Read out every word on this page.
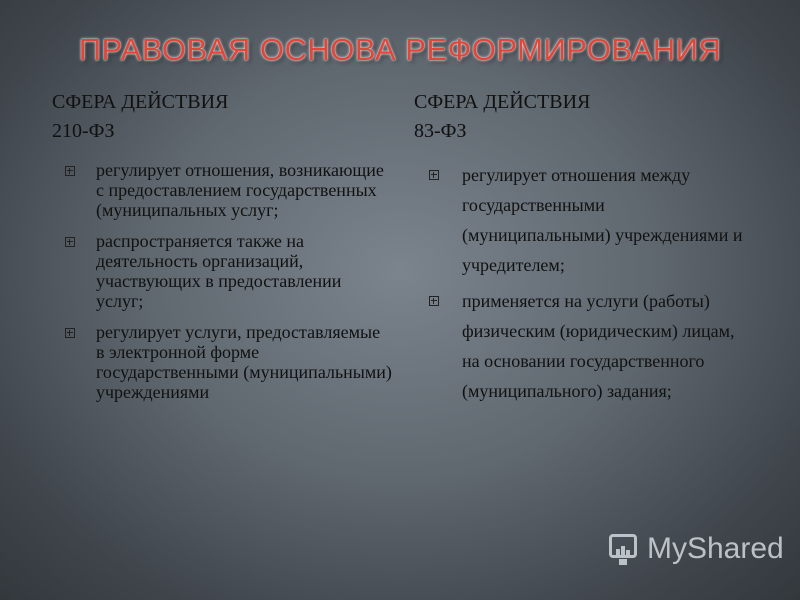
ПРАВОВАЯ ОСНОВА РЕФОРМИРОВАНИЯ
СФЕРА ДЕЙСТВИЯ
210-ФЗ
регулирует отношения, возникающие с предоставлением государственных (муниципальных услуг;
распространяется также на деятельность организаций, участвующих в предоставлении услуг;
регулирует услуги, предоставляемые в электронной форме государственными (муниципальными) учреждениями
СФЕРА ДЕЙСТВИЯ
83-ФЗ
регулирует отношения между государственными (муниципальными) учреждениями и учредителем;
применяется на услуги (работы) физическим (юридическим) лицам, на основании государственного (муниципального) задания;
MyShared
